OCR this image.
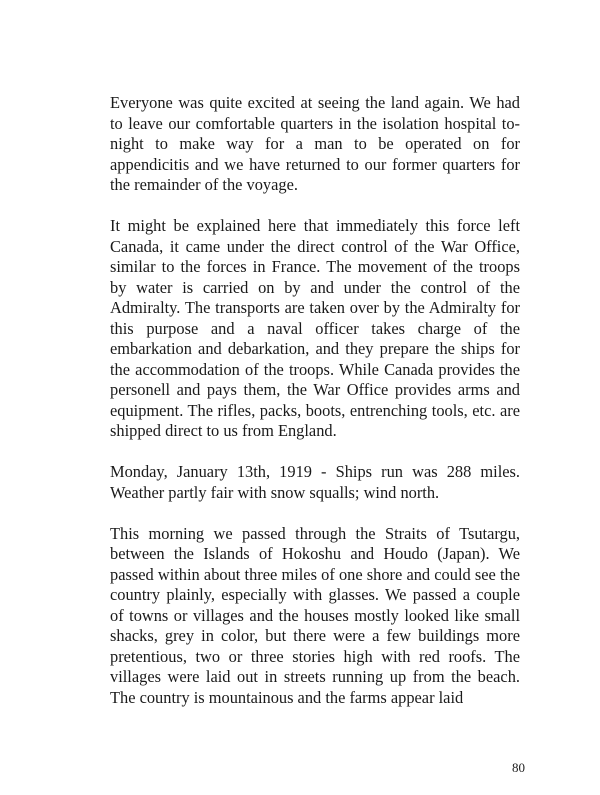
Everyone was quite excited at seeing the land again. We had to leave our comfortable quarters in the isolation hospital to-night to make way for a man to be operated on for appendicitis and we have returned to our former quarters for the remainder of the voyage.

It might be explained here that immediately this force left Canada, it came under the direct control of the War Office, similar to the forces in France. The movement of the troops by water is carried on by and under the control of the Admiralty. The transports are taken over by the Admiralty for this purpose and a naval officer takes charge of the embarkation and debarkation, and they prepare the ships for the accommodation of the troops. While Canada provides the personell and pays them, the War Office provides arms and equipment. The rifles, packs, boots, entrenching tools, etc. are shipped direct to us from England.

Monday, January 13th, 1919 - Ships run was 288 miles. Weather partly fair with snow squalls; wind north.

This morning we passed through the Straits of Tsutargu, between the Islands of Hokoshu and Houdo (Japan). We passed within about three miles of one shore and could see the country plainly, especially with glasses. We passed a couple of towns or villages and the houses mostly looked like small shacks, grey in color, but there were a few buildings more pretentious, two or three stories high with red roofs. The villages were laid out in streets running up from the beach. The country is mountainous and the farms appear laid

80
